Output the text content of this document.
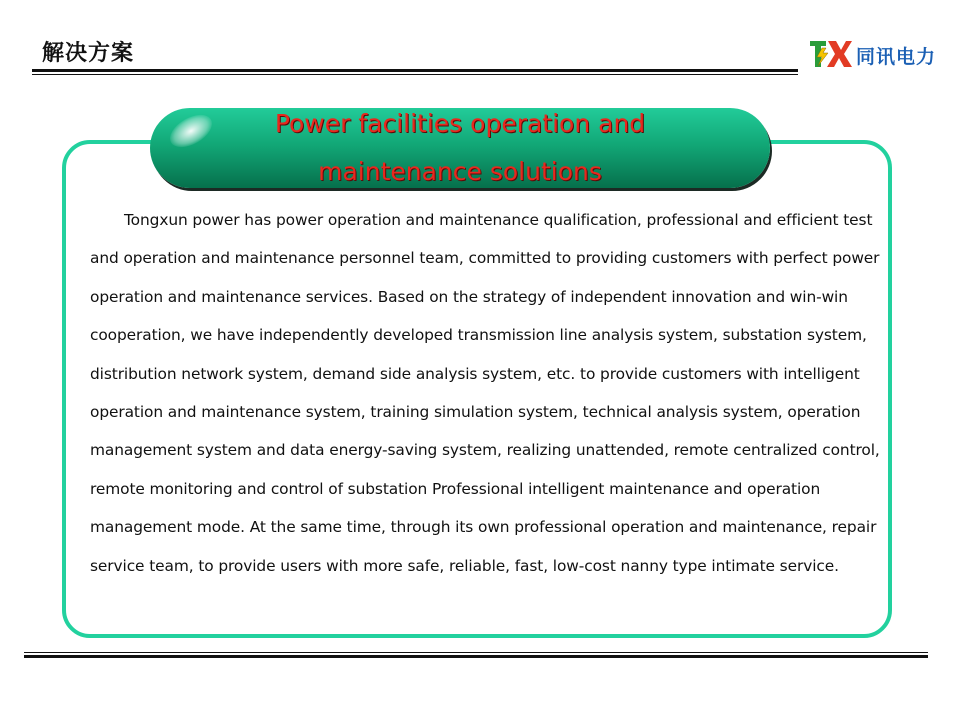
解决方案	同讯电力
Power facilities operation and
maintenance solutions

Tongxun power has power operation and maintenance qualification, professional and efficient test and operation and maintenance personnel team, committed to providing customers with perfect power operation and maintenance services. Based on the strategy of independent innovation and win-win cooperation, we have independently developed transmission line analysis system, substation system, distribution network system, demand side analysis system, etc. to provide customers with intelligent operation and maintenance system, training simulation system, technical analysis system, operation management system and data energy-saving system, realizing unattended, remote centralized control, remote monitoring and control of substation Professional intelligent maintenance and operation management mode. At the same time, through its own professional operation and maintenance, repair service team, to provide users with more safe, reliable, fast, low-cost nanny type intimate service.
